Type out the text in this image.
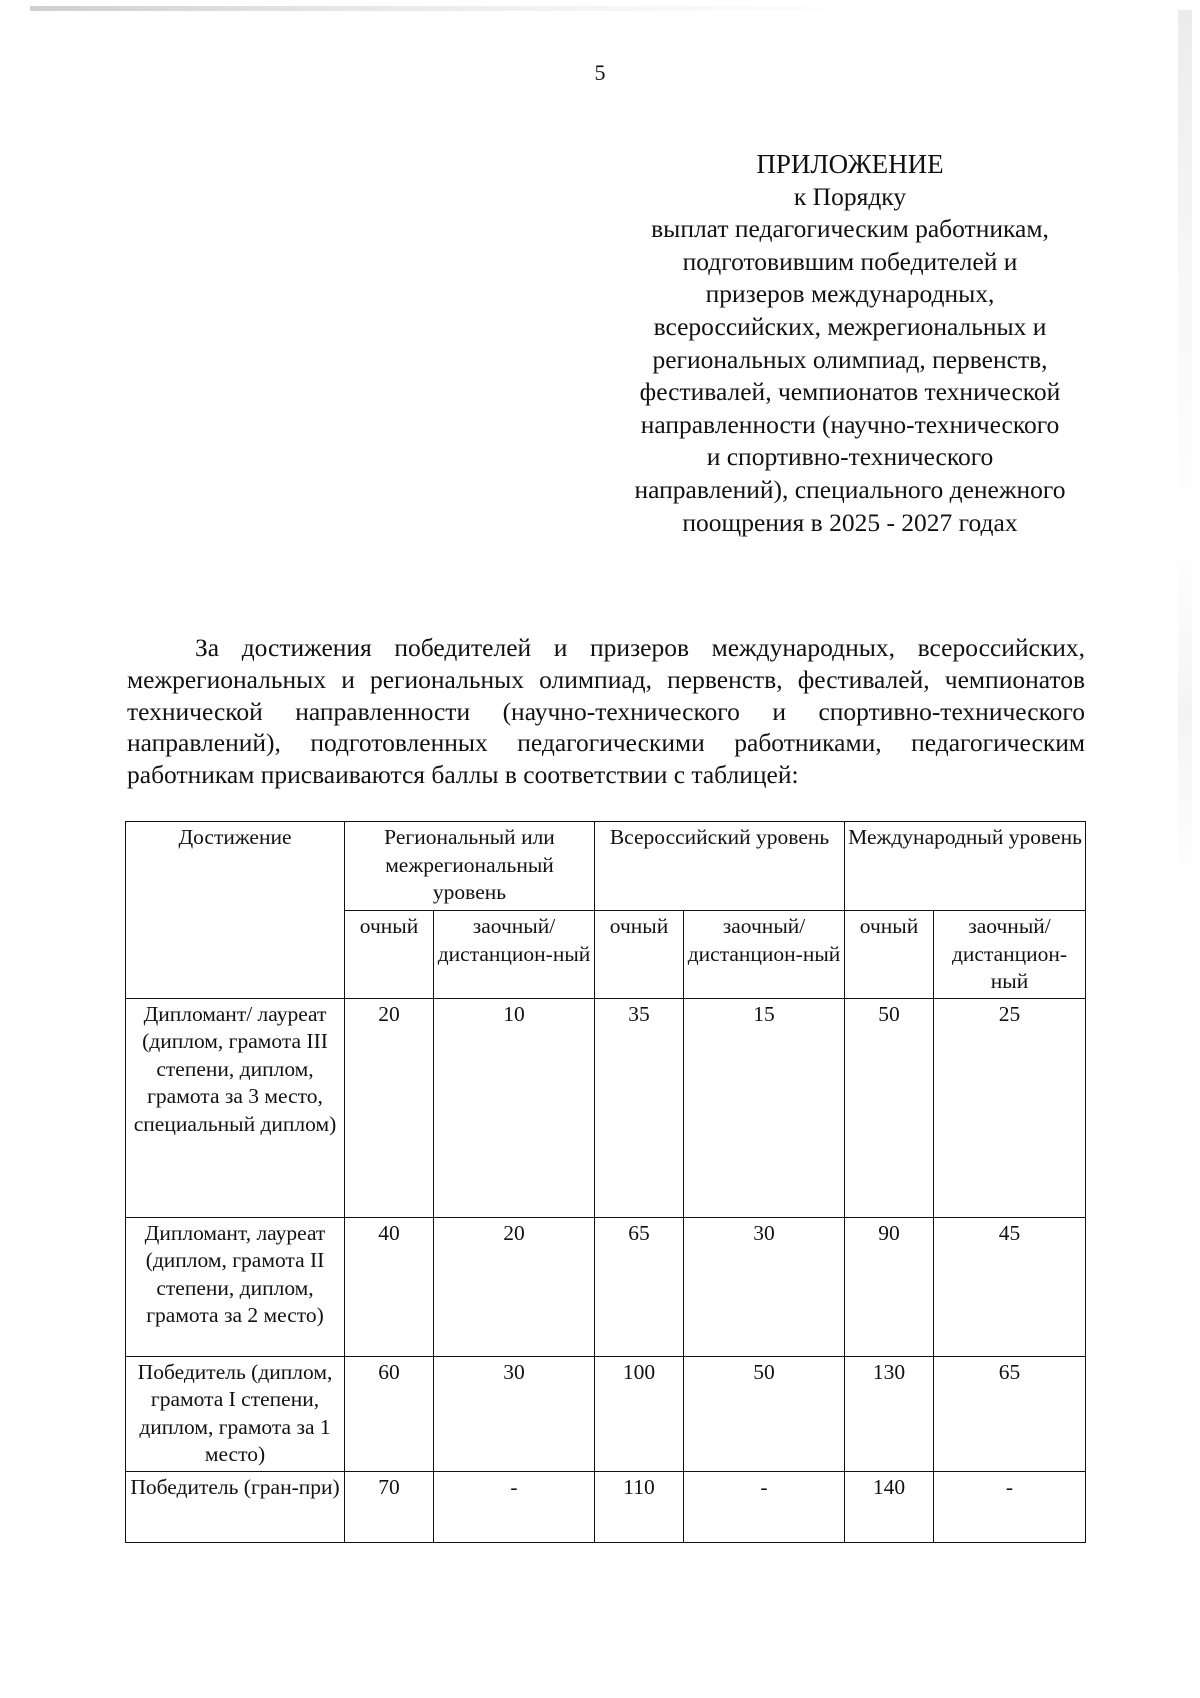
5
ПРИЛОЖЕНИЕ
к Порядку
выплат педагогическим работникам,
подготовившим победителей и
призеров международных,
всероссийских, межрегиональных и
региональных олимпиад, первенств,
фестивалей, чемпионатов технической
направленности (научно-технического
и спортивно-технического
направлений), специального денежного
поощрения в 2025 - 2027 годах
За достижения победителей и призеров международных, всероссийских, межрегиональных и региональных олимпиад, первенств, фестивалей, чемпионатов технической направленности (научно-технического и спортивно-технического направлений), подготовленных педагогическими работниками, педагогическим работникам присваиваются баллы в соответствии с таблицей:
Достижение	Региональный или межрегиональный уровень		Всероссийский уровень		Международный уровень	
	очный	заочный/ дистанцион-ный	очный	заочный/ дистанцион-ный	очный	заочный/ дистанцион-ный
Дипломант/ лауреат (диплом, грамота III степени, диплом, грамота за 3 место, специальный диплом)	20	10	35	15	50	25
Дипломант, лауреат (диплом, грамота II степени, диплом, грамота за 2 место)	40	20	65	30	90	45
Победитель (диплом, грамота I степени, диплом, грамота за 1 место)	60	30	100	50	130	65
Победитель (гран-при)	70	-	110	-	140	-
